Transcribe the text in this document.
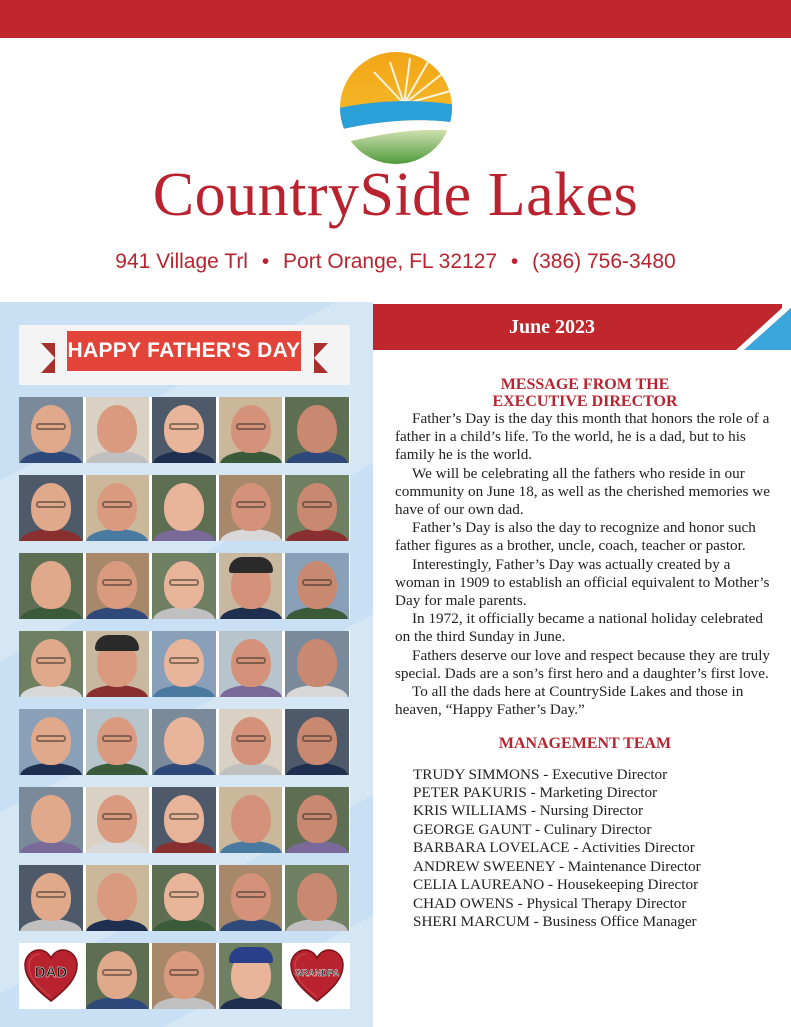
CountrySide Lakes
941 Village Trl • Port Orange, FL 32127 • (386) 756-3480
HAPPY FATHER'S DAY
DAD	GRANDPA
June 2023
MESSAGE FROM THE
EXECUTIVE DIRECTOR

Father’s Day is the day this month that honors the role of a father in a child’s life. To the world, he is a dad, but to his family he is the world.

We will be celebrating all the fathers who reside in our community on June 18, as well as the cherished memories we have of our own dad.

Father’s Day is also the day to recognize and honor such father figures as a brother, uncle, coach, teacher or pastor.

Interestingly, Father’s Day was actually created by a woman in 1909 to establish an official equivalent to Mother’s Day for male parents.

In 1972, it officially became a national holiday celebrated on the third Sunday in June.

Fathers deserve our love and respect because they are truly special. Dads are a son’s first hero and a daughter’s first love.

To all the dads here at CountrySide Lakes and those in heaven, “Happy Father’s Day.”

MANAGEMENT TEAM
TRUDY SIMMONS - Executive Director
PETER PAKURIS - Marketing Director
KRIS WILLIAMS - Nursing Director
GEORGE GAUNT - Culinary Director
BARBARA LOVELACE - Activities Director
ANDREW SWEENEY - Maintenance Director
CELIA LAUREANO - Housekeeping Director
CHAD OWENS - Physical Therapy Director
SHERI MARCUM - Business Office Manager
